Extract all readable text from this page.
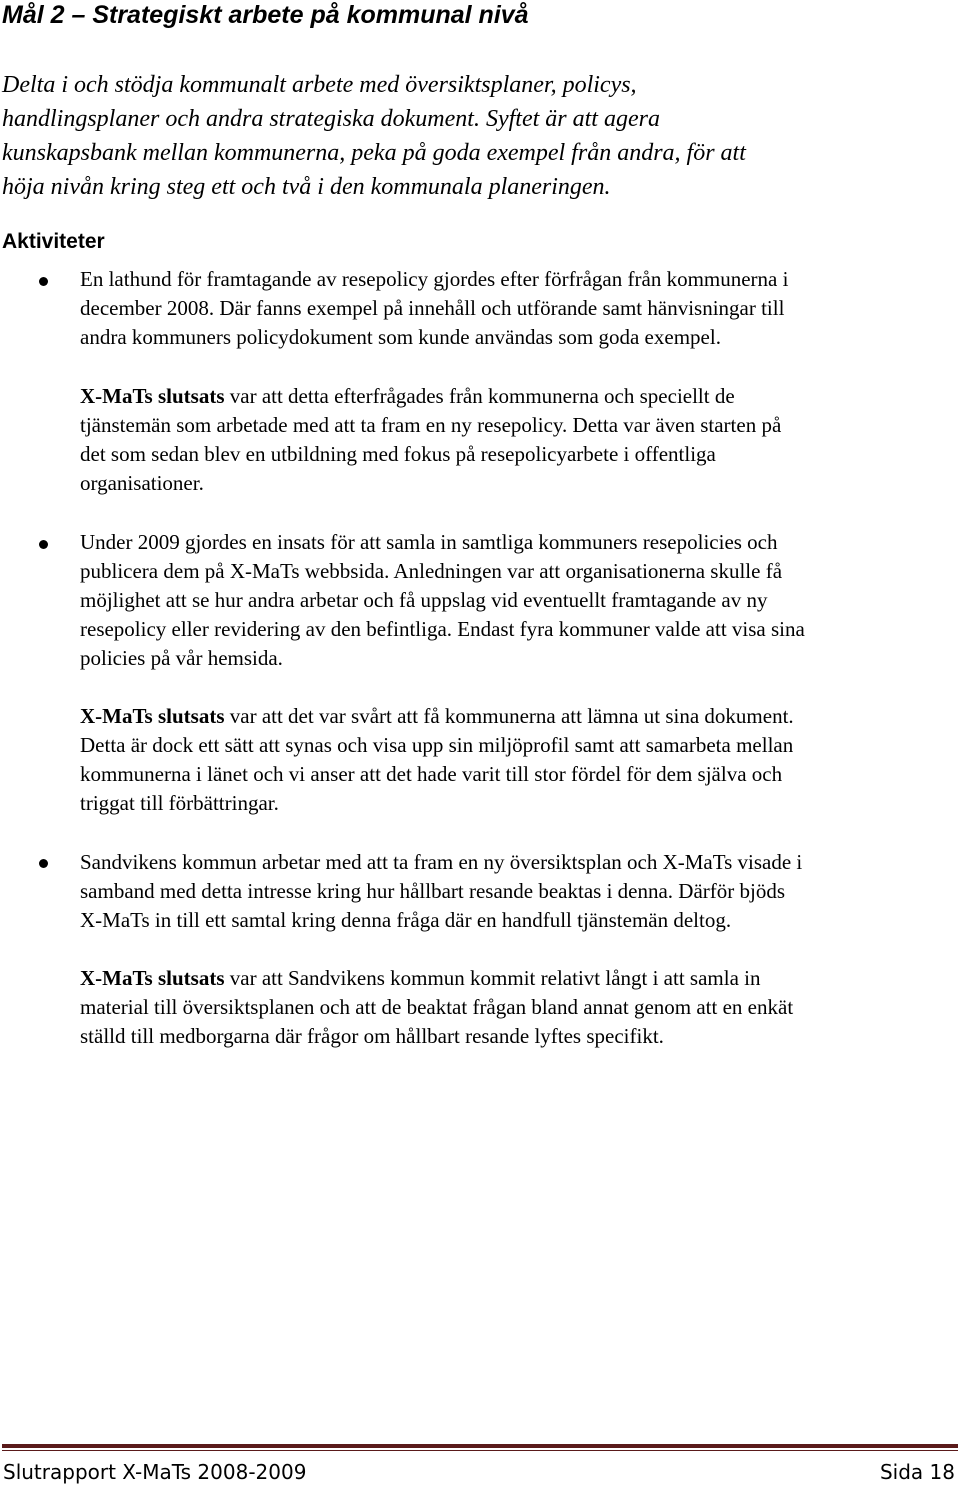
Mål 2 – Strategiskt arbete på kommunal nivå
Delta i och stödja kommunalt arbete med översiktsplaner, policys,
handlingsplaner och andra strategiska dokument. Syftet är att agera
kunskapsbank mellan kommunerna, peka på goda exempel från andra, för att
höja nivån kring steg ett och två i den kommunala planeringen.
Aktiviteter
En lathund för framtagande av resepolicy gjordes efter förfrågan från kommunerna i
december 2008. Där fanns exempel på innehåll och utförande samt hänvisningar till
andra kommuners policydokument som kunde användas som goda exempel.
X-MaTs slutsats var att detta efterfrågades från kommunerna och speciellt de
tjänstemän som arbetade med att ta fram en ny resepolicy. Detta var även starten på
det som sedan blev en utbildning med fokus på resepolicyarbete i offentliga
organisationer.
Under 2009 gjordes en insats för att samla in samtliga kommuners resepolicies och
publicera dem på X-MaTs webbsida. Anledningen var att organisationerna skulle få
möjlighet att se hur andra arbetar och få uppslag vid eventuellt framtagande av ny
resepolicy eller revidering av den befintliga. Endast fyra kommuner valde att visa sina
policies på vår hemsida.
X-MaTs slutsats var att det var svårt att få kommunerna att lämna ut sina dokument.
Detta är dock ett sätt att synas och visa upp sin miljöprofil samt att samarbeta mellan
kommunerna i länet och vi anser att det hade varit till stor fördel för dem själva och
triggat till förbättringar.
Sandvikens kommun arbetar med att ta fram en ny översiktsplan och X-MaTs visade i
samband med detta intresse kring hur hållbart resande beaktas i denna. Därför bjöds
X-MaTs in till ett samtal kring denna fråga där en handfull tjänstemän deltog.
X-MaTs slutsats var att Sandvikens kommun kommit relativt långt i att samla in
material till översiktsplanen och att de beaktat frågan bland annat genom att en enkät
ställd till medborgarna där frågor om hållbart resande lyftes specifikt.
Slutrapport X-MaTs 2008-2009	Sida 18
